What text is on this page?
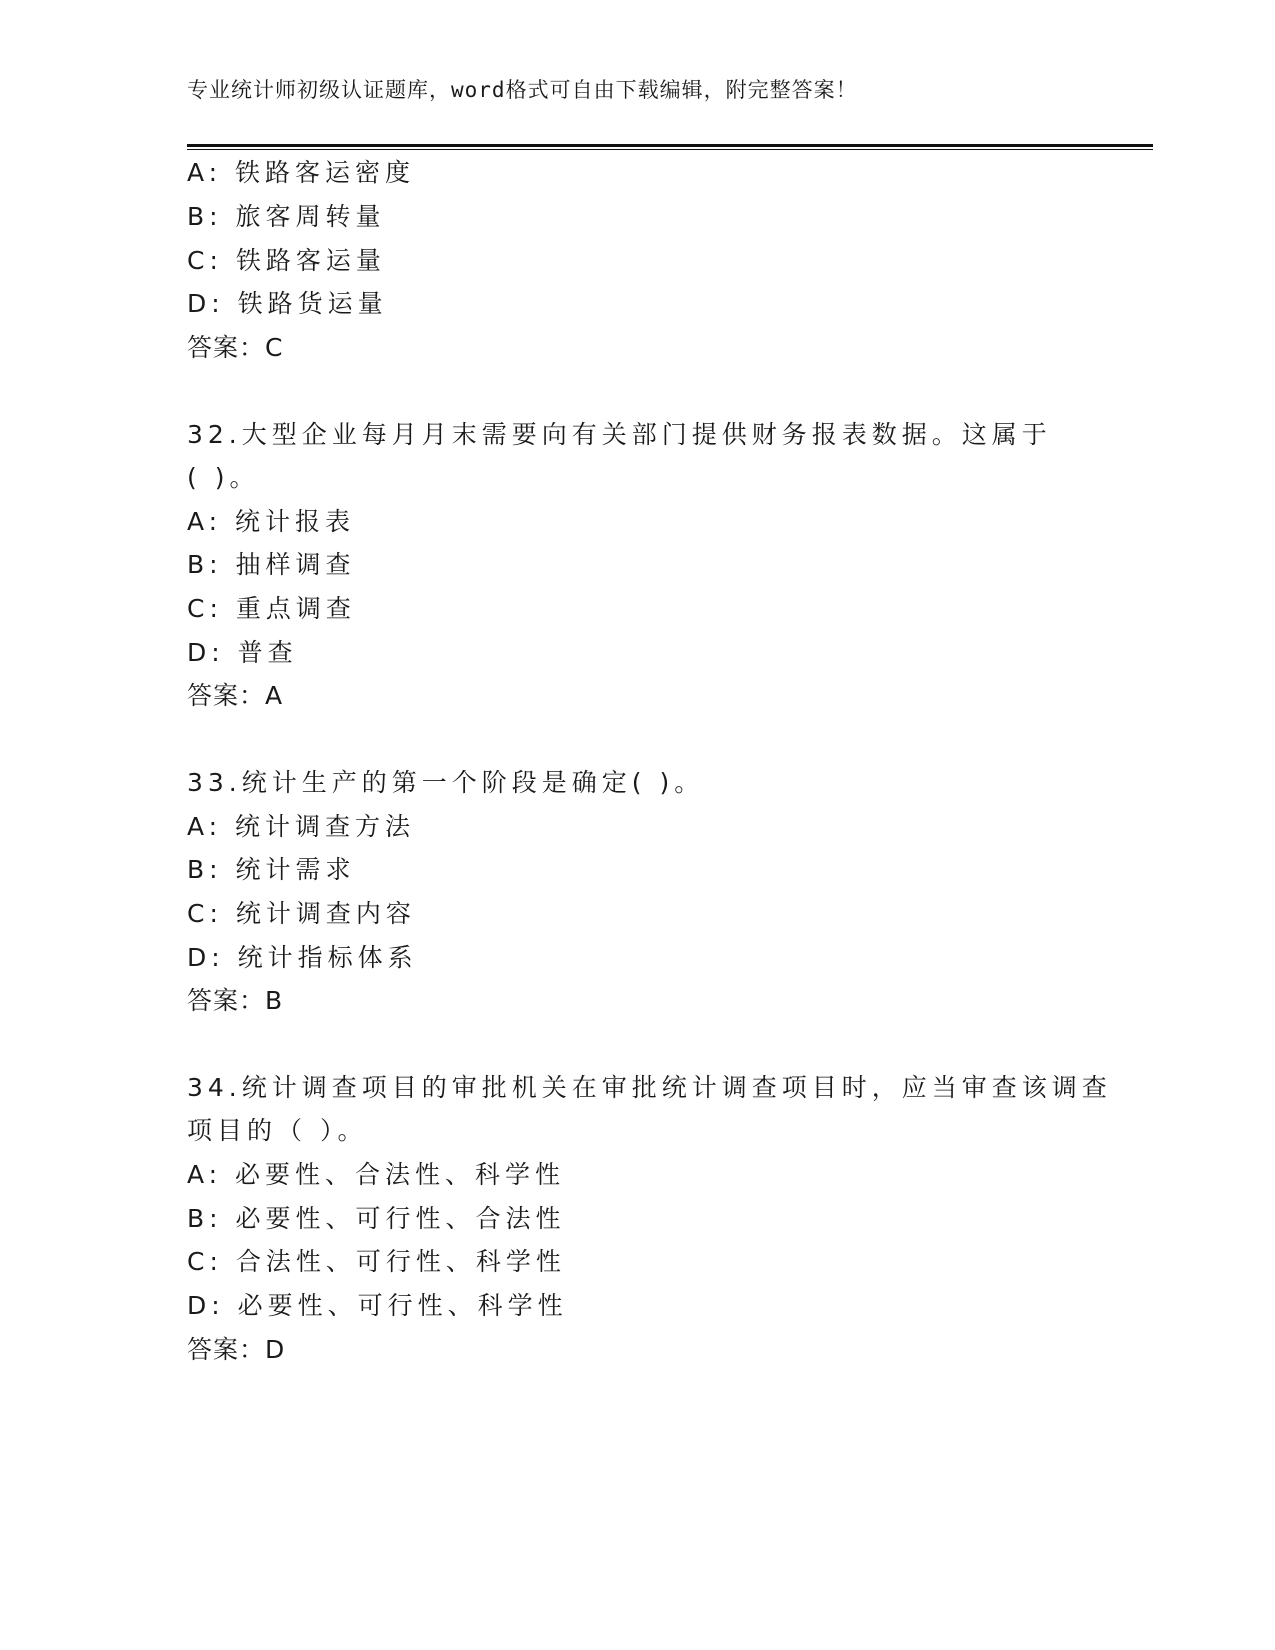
专业统计师初级认证题库，word格式可自由下载编辑，附完整答案！
A: 铁路客运密度
B: 旅客周转量
C: 铁路客运量
D: 铁路货运量
答案：C
32.大型企业每月月末需要向有关部门提供财务报表数据。这属于
( )。
A: 统计报表
B: 抽样调查
C: 重点调查
D: 普查
答案：A
33.统计生产的第一个阶段是确定( )。
A: 统计调查方法
B: 统计需求
C: 统计调查内容
D: 统计指标体系
答案：B
34.统计调查项目的审批机关在审批统计调查项目时，应当审查该调查
项目的（ ）。
A: 必要性、合法性、科学性
B: 必要性、可行性、合法性
C: 合法性、可行性、科学性
D: 必要性、可行性、科学性
答案：D
